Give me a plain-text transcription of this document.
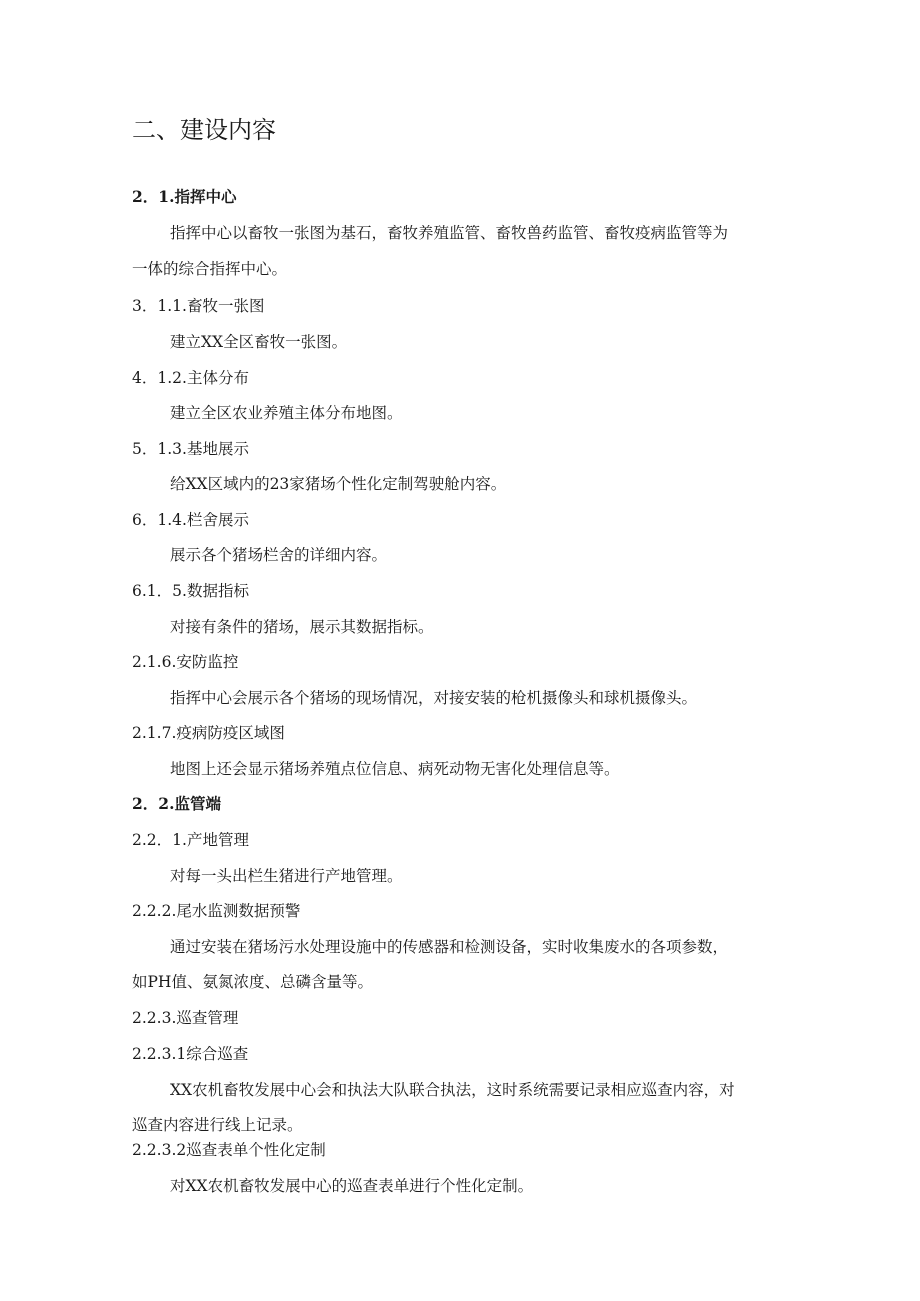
二、建设内容
2．1.指挥中心
指挥中心以畜牧一张图为基石，畜牧养殖监管、畜牧兽药监管、畜牧疫病监管等为
一体的综合指挥中心。
3．1.1.畜牧一张图
建立XX全区畜牧一张图。
4．1.2.主体分布
建立全区农业养殖主体分布地图。
5．1.3.基地展示
给XX区域内的23家猪场个性化定制驾驶舱内容。
6．1.4.栏舍展示
展示各个猪场栏舍的详细内容。
6.1．5.数据指标
对接有条件的猪场，展示其数据指标。
2.1.6.安防监控
指挥中心会展示各个猪场的现场情况，对接安装的枪机摄像头和球机摄像头。
2.1.7.疫病防疫区域图
地图上还会显示猪场养殖点位信息、病死动物无害化处理信息等。
2．2.监管端
2.2．1.产地管理
对每一头出栏生猪进行产地管理。
2.2.2.尾水监测数据预警
通过安装在猪场污水处理设施中的传感器和检测设备，实时收集废水的各项参数，
如PH值、氨氮浓度、总磷含量等。
2.2.3.巡查管理
2.2.3.1综合巡查
XX农机畜牧发展中心会和执法大队联合执法，这时系统需要记录相应巡查内容，对
巡查内容进行线上记录。
2.2.3.2巡查表单个性化定制
对XX农机畜牧发展中心的巡查表单进行个性化定制。
